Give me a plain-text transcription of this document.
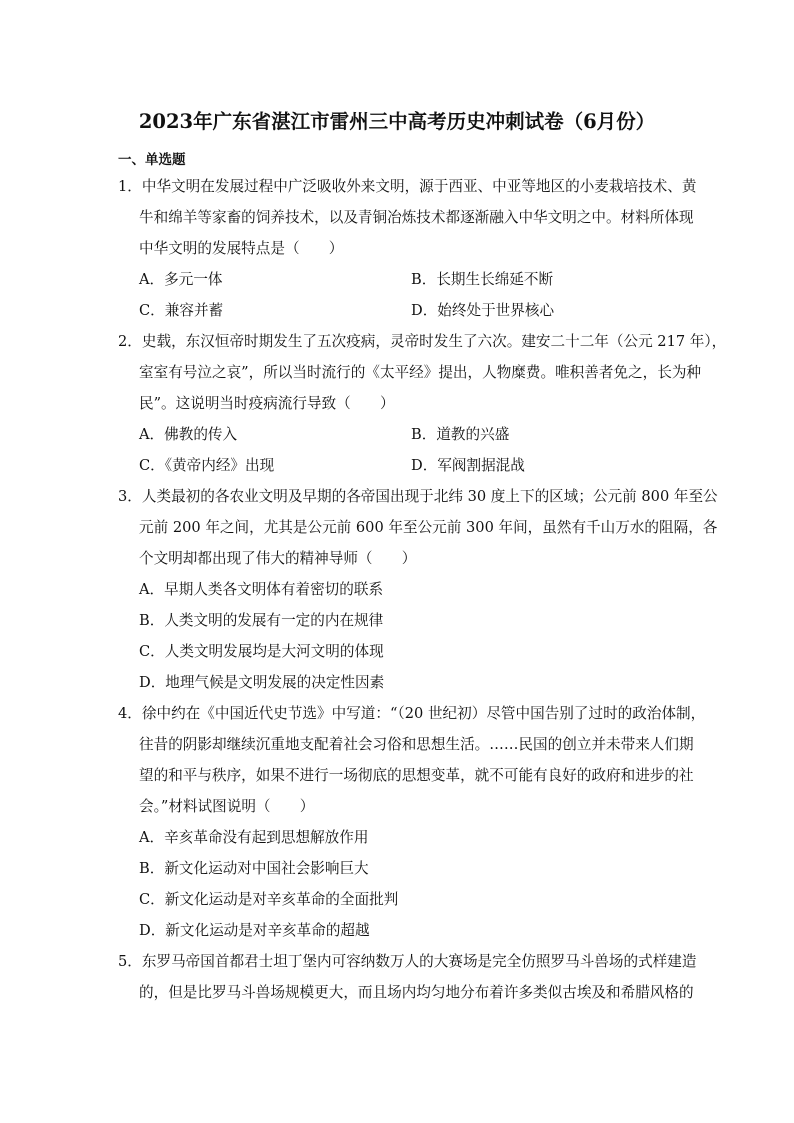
2023年广东省湛江市雷州三中高考历史冲刺试卷（6月份）
一、单选题
1．中华文明在发展过程中广泛吸收外来文明，源于西亚、中亚等地区的小麦栽培技术、黄
牛和绵羊等家畜的饲养技术，以及青铜冶炼技术都逐渐融入中华文明之中。材料所体现
中华文明的发展特点是（　　）
A．多元一体	B．长期生长绵延不断
C．兼容并蓄	D．始终处于世界核心
2．史载，东汉恒帝时期发生了五次疫病，灵帝时发生了六次。建安二十二年（公元 217 年），
室室有号泣之哀”，所以当时流行的《太平经》提出，人物糜费。唯积善者免之，长为种
民”。这说明当时疫病流行导致（　　）
A．佛教的传入	B．道教的兴盛
C．《黄帝内经》出现	D．军阀割据混战
3．人类最初的各农业文明及早期的各帝国出现于北纬 30 度上下的区域；公元前 800 年至公
元前 200 年之间，尤其是公元前 600 年至公元前 300 年间，虽然有千山万水的阻隔，各
个文明却都出现了伟大的精神导师（　　）
A．早期人类各文明体有着密切的联系
B．人类文明的发展有一定的内在规律
C．人类文明发展均是大河文明的体现
D．地理气候是文明发展的决定性因素
4．徐中约在《中国近代史节选》中写道：“（20 世纪初）尽管中国告别了过时的政治体制，
往昔的阴影却继续沉重地支配着社会习俗和思想生活。……民国的创立并未带来人们期
望的和平与秩序，如果不进行一场彻底的思想变革，就不可能有良好的政府和进步的社
会。”材料试图说明（　　）
A．辛亥革命没有起到思想解放作用
B．新文化运动对中国社会影响巨大
C．新文化运动是对辛亥革命的全面批判
D．新文化运动是对辛亥革命的超越
5．东罗马帝国首都君士坦丁堡内可容纳数万人的大赛场是完全仿照罗马斗兽场的式样建造
的，但是比罗马斗兽场规模更大，而且场内均匀地分布着许多类似古埃及和希腊风格的
